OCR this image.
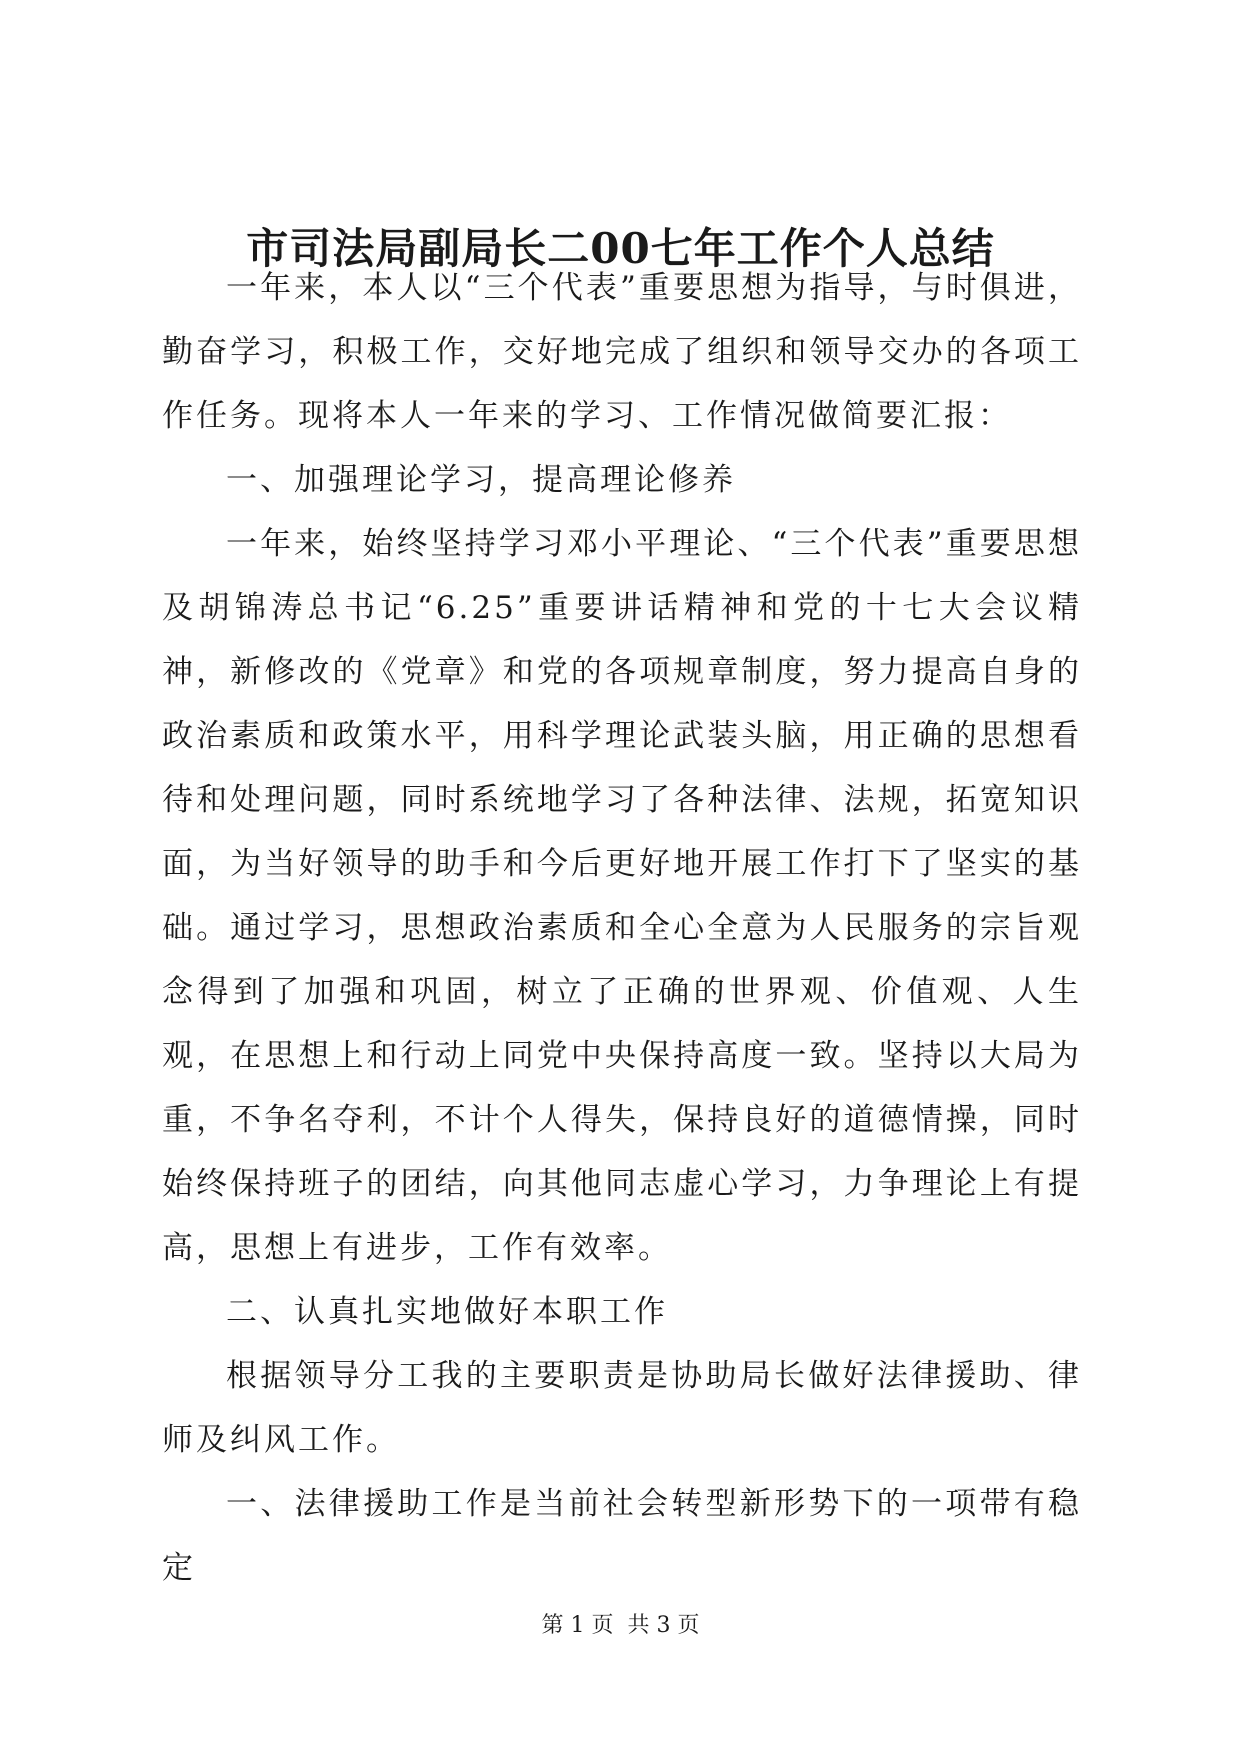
市司法局副局长二00七年工作个人总结

一年来，本人以“三个代表”重要思想为指导，与时俱进，勤奋学习，积极工作，交好地完成了组织和领导交办的各项工作任务。现将本人一年来的学习、工作情况做简要汇报：

一、加强理论学习，提高理论修养

一年来，始终坚持学习邓小平理论、“三个代表”重要思想及胡锦涛总书记“6.25”重要讲话精神和党的十七大会议精神，新修改的《党章》和党的各项规章制度，努力提高自身的政治素质和政策水平，用科学理论武装头脑，用正确的思想看待和处理问题，同时系统地学习了各种法律、法规，拓宽知识面，为当好领导的助手和今后更好地开展工作打下了坚实的基础。通过学习，思想政治素质和全心全意为人民服务的宗旨观念得到了加强和巩固，树立了正确的世界观、价值观、人生观，在思想上和行动上同党中央保持高度一致。坚持以大局为重，不争名夺利，不计个人得失，保持良好的道德情操，同时始终保持班子的团结，向其他同志虚心学习，力争理论上有提高，思想上有进步，工作有效率。

二、认真扎实地做好本职工作

根据领导分工我的主要职责是协助局长做好法律援助、律师及纠风工作。

一、法律援助工作是当前社会转型新形势下的一项带有稳定

第 1 页  共 3 页
